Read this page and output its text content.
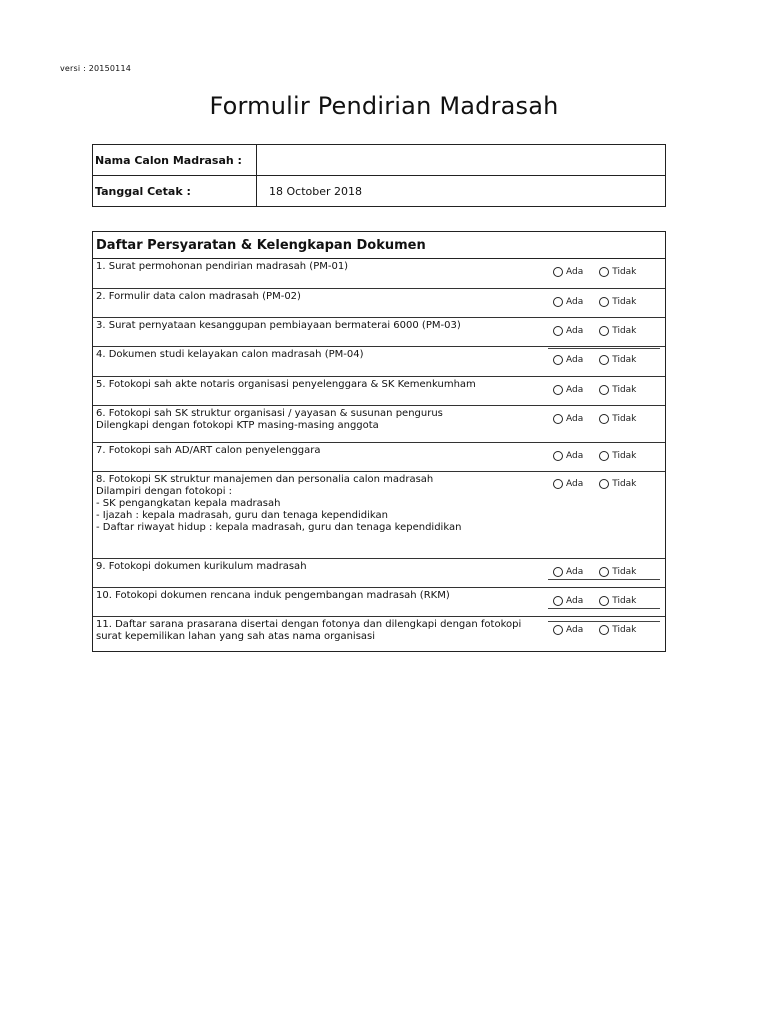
versi : 20150114
Formulir Pendirian Madrasah
Nama Calon Madrasah :
Tanggal Cetak :	18 October 2018
Daftar Persyaratan & Kelengkapan Dokumen
1. Surat permohonan pendirian madrasah (PM-01)	Ada	Tidak
2. Formulir data calon madrasah (PM-02)	Ada	Tidak
3. Surat pernyataan kesanggupan pembiayaan bermaterai 6000 (PM-03)	Ada	Tidak
4. Dokumen studi kelayakan calon madrasah (PM-04)	Ada	Tidak
5. Fotokopi sah akte notaris organisasi penyelenggara & SK Kemenkumham	Ada	Tidak
6. Fotokopi sah SK struktur organisasi / yayasan & susunan pengurus
Dilengkapi dengan fotokopi KTP masing-masing anggota
Ada	Tidak
7. Fotokopi sah AD/ART calon penyelenggara	Ada	Tidak
8. Fotokopi SK struktur manajemen dan personalia calon madrasah
Dilampiri dengan fotokopi :
- SK pengangkatan kepala madrasah
- Ijazah : kepala madrasah, guru dan tenaga kependidikan
- Daftar riwayat hidup : kepala madrasah, guru dan tenaga kependidikan
Ada	Tidak
9. Fotokopi dokumen kurikulum madrasah	Ada	Tidak
10. Fotokopi dokumen rencana induk pengembangan madrasah (RKM)	Ada	Tidak
11. Daftar sarana prasarana disertai dengan fotonya dan dilengkapi dengan fotokopi
surat kepemilikan lahan yang sah atas nama organisasi
Ada	Tidak
